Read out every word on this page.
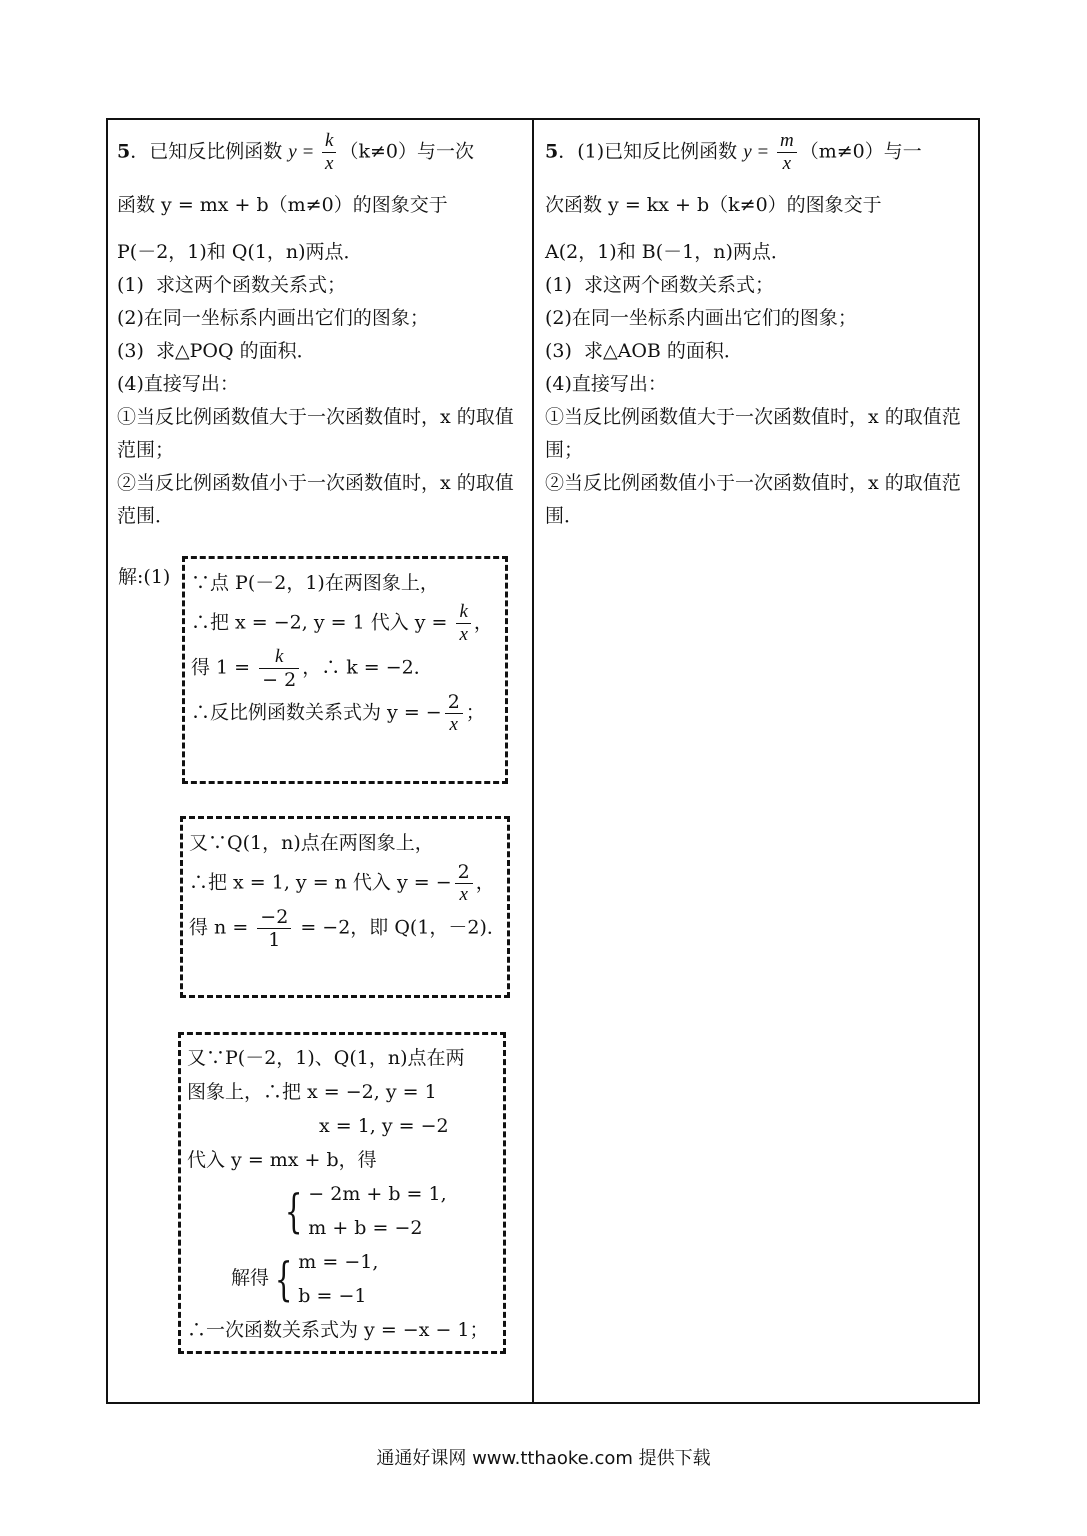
5．已知反比例函数 $y = \frac{k}{x} (k\ne 0)$与一次
函数 y = mx + b（m≠0）的图象交于
P(－2，1)和 Q(1，n)两点．
(1)  求这两个函数关系式；
(2)在同一坐标系内画出它们的图象；
(3)  求△POQ 的面积．
(4)直接写出：
①当反比例函数值大于一次函数值时，x 的取值范围；
②当反比例函数值小于一次函数值时，x 的取值范围．
5．(1)已知反比例函数 $y = \frac{m}{x} (m\ne 0)$与一
次函数 y = kx + b（k≠0）的图象交于
A(2，1)和 B(－1，n)两点．
(1)  求这两个函数关系式；
(2)在同一坐标系内画出它们的图象；
(3)  求△AOB 的面积．
(4)直接写出：
①当反比例函数值大于一次函数值时，x 的取值范围；
②当反比例函数值小于一次函数值时，x 的取值范围．
解:(1) ∵点 P(－2，1)在两图象上，
∴把 x = −2, y = 1 代入 $y = \frac{k}{x}$ ，
得 $1 = \frac{k}{- 2}$ ，∴ k = −2．
∴反比例函数关系式为 y = − $\frac{2}{x}$ ；
又∵Q(1，n)点在两图象上，
∴把 x = 1, y = n 代入 y = − $\frac{2}{x}$ ，
得 $n = \frac{-2}{1} = -2$，即 Q(1，－2)．
又∵P(－2，1)、Q(1，n)点在两
图象上，∴把 x = −2, y = 1
x = 1, y = −2
代入 y = mx + b，得
{ − 2m + b = 1,
m + b = −2
解得 { m = −1,
b = −1
∴一次函数关系式为 y = −x − 1；
通通好课网 www.tthaoke.com 提供下载
